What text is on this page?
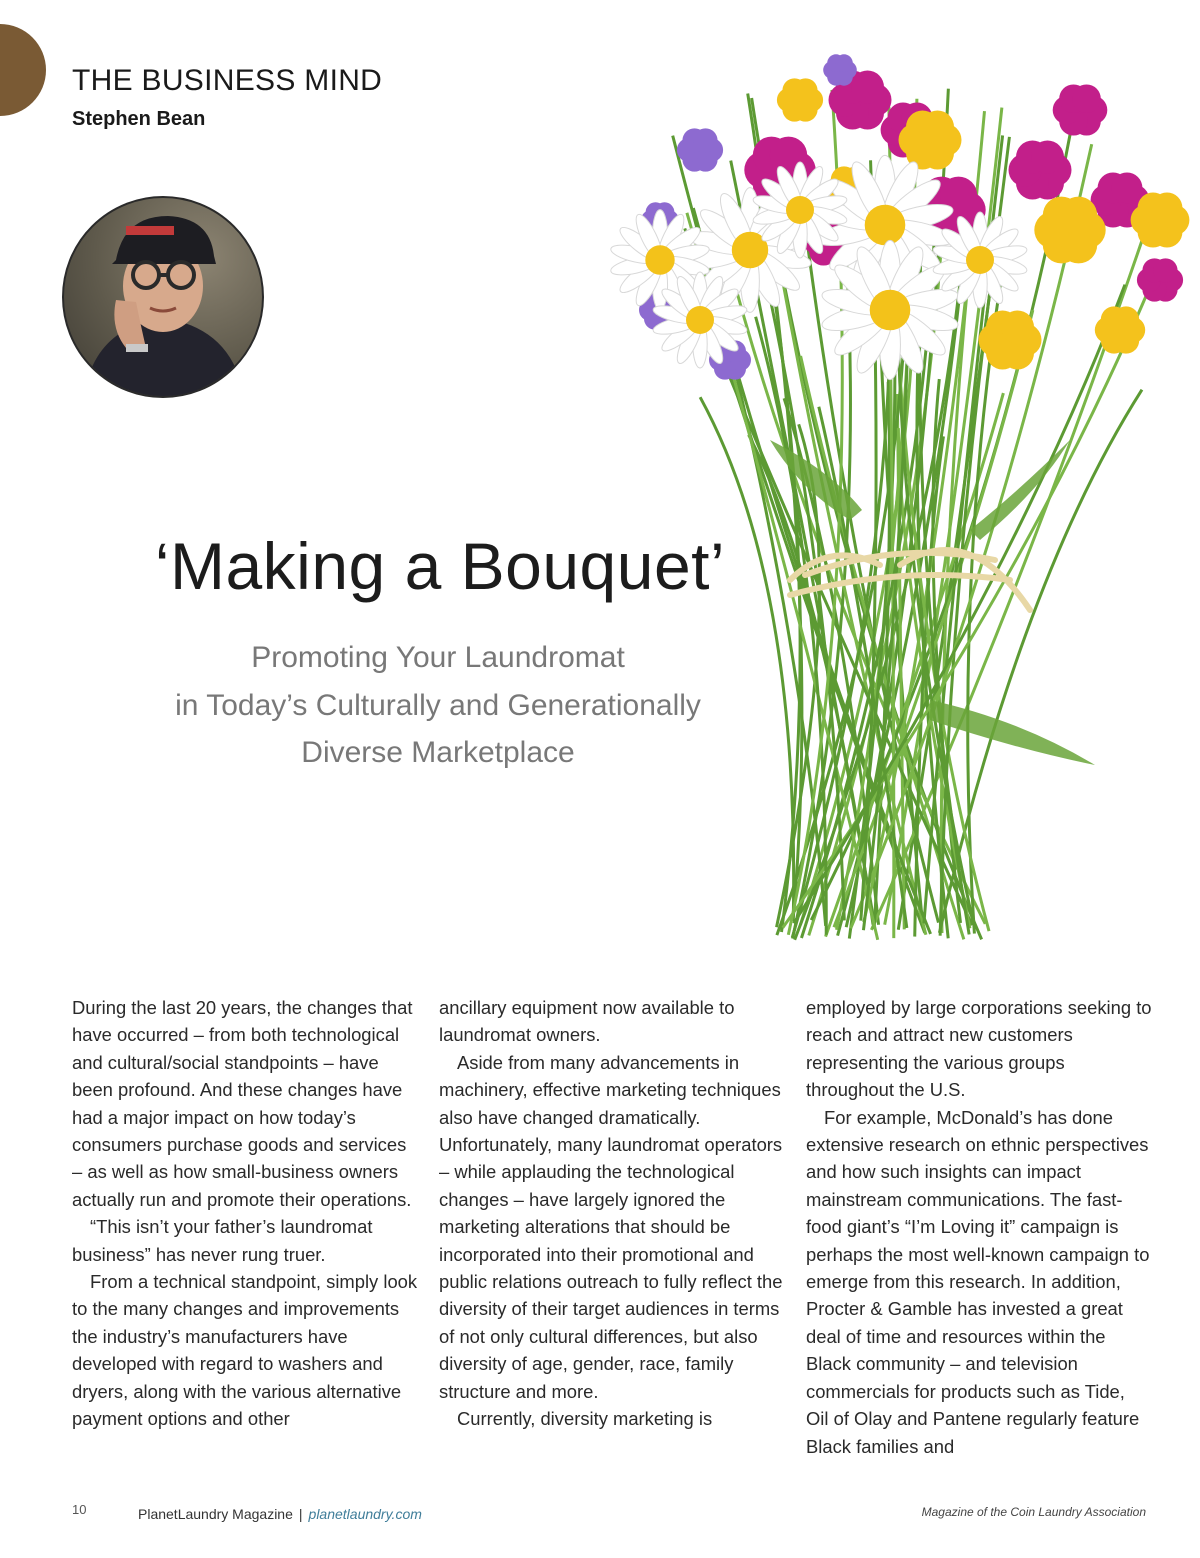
THE BUSINESS MIND
Stephen Bean
‘Making a Bouquet’
Promoting Your Laundromat
in Today’s Culturally and Generationally
Diverse Marketplace

During the last 20 years, the changes that have occurred – from both technological and cultural/social standpoints – have been profound. And these changes have had a major impact on how today’s consumers purchase goods and services – as well as how small-business owners actually run and promote their operations.

“This isn’t your father’s laundromat business” has never rung truer.

From a technical standpoint, simply look to the many changes and improvements the industry’s manufacturers have developed with regard to washers and dryers, along with the various alternative payment options and other

ancillary equipment now available to laundromat owners.

Aside from many advancements in machinery, effective marketing techniques also have changed dramatically. Unfortunately, many laundromat operators – while applauding the technological changes – have largely ignored the marketing alterations that should be incorporated into their promotional and public relations outreach to fully reflect the diversity of their target audiences in terms of not only cultural differences, but also diversity of age, gender, race, family structure and more.

Currently, diversity marketing is

employed by large corporations seeking to reach and attract new customers representing the various groups throughout the U.S.

For example, McDonald’s has done extensive research on ethnic perspectives and how such insights can impact mainstream communications. The fast-food giant’s “I’m Loving it” campaign is perhaps the most well-known campaign to emerge from this research. In addition, Procter & Gamble has invested a great deal of time and resources within the Black community – and television commercials for products such as Tide, Oil of Olay and Pantene regularly feature Black families and

10	PlanetLaundry Magazine | planetlaundry.com	Magazine of the Coin Laundry Association
